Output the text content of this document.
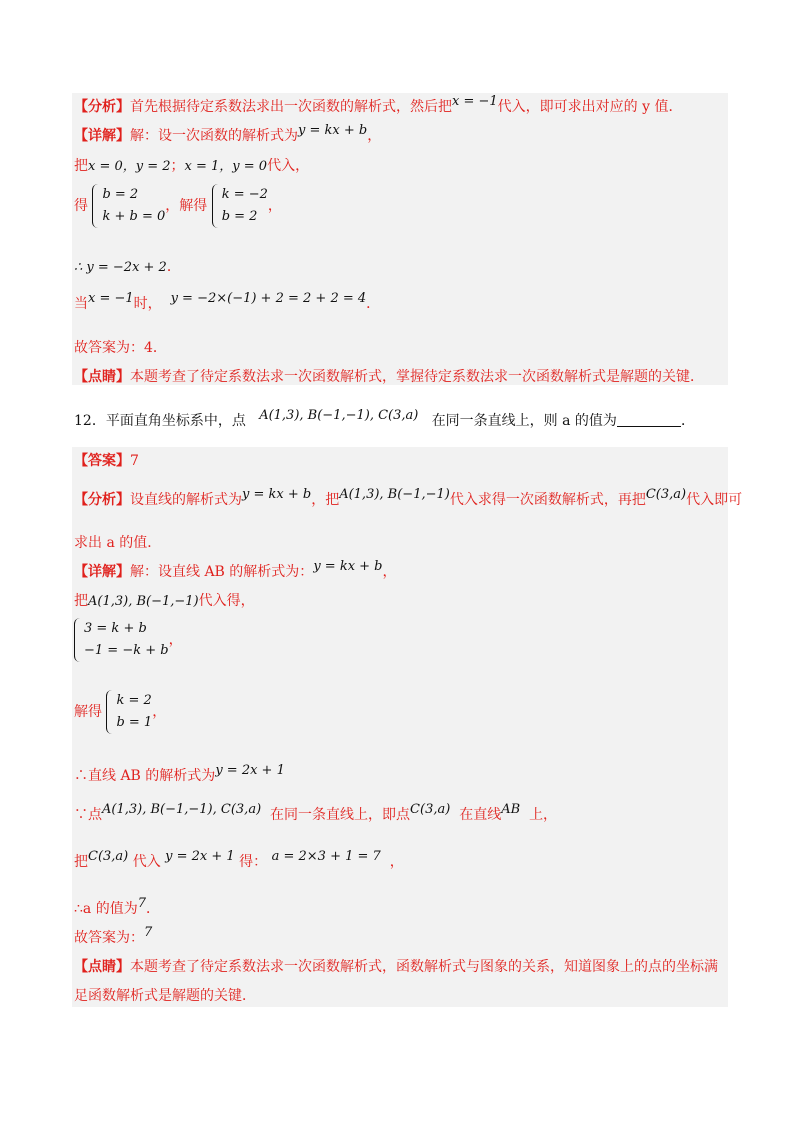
【分析】首先根据待定系数法求出一次函数的解析式，然后把x = −1代入，即可求出对应的 y 值．
【详解】解：设一次函数的解析式为y = kx + b，
把x = 0，y = 2；x = 1，y = 0代入，
得
b = 2
k + b = 0
，解得
k = −2
b = 2
，
∴ y = −2x + 2．
当x = −1时， y = −2×(−1) + 2 = 2 + 2 = 4．
故答案为：4．
【点睛】本题考查了待定系数法求一次函数解析式，掌握待定系数法求一次函数解析式是解题的关键．
12．平面直角坐标系中，点 A(1,3), B(−1,−1), C(3,a) 在同一条直线上，则 a 的值为	．
【答案】7
【分析】设直线的解析式为y = kx + b，把A(1,3), B(−1,−1)代入求得一次函数解析式，再把C(3,a)代入即可
求出 a 的值．
【详解】解：设直线 AB 的解析式为：y = kx + b，
把A(1,3), B(−1,−1)代入得，
3 = k + b
−1 = −k + b
，
解得
k = 2
b = 1
，
∴直线 AB 的解析式为y = 2x + 1
∵点A(1,3), B(−1,−1), C(3,a) 在同一条直线上，即点C(3,a) 在直线AB 上，
把C(3,a) 代入 y = 2x + 1 得： a = 2×3 + 1 = 7 ，
∴a 的值为7．
故答案为：7
【点睛】本题考查了待定系数法求一次函数解析式，函数解析式与图象的关系，知道图象上的点的坐标满
足函数解析式是解题的关键．
